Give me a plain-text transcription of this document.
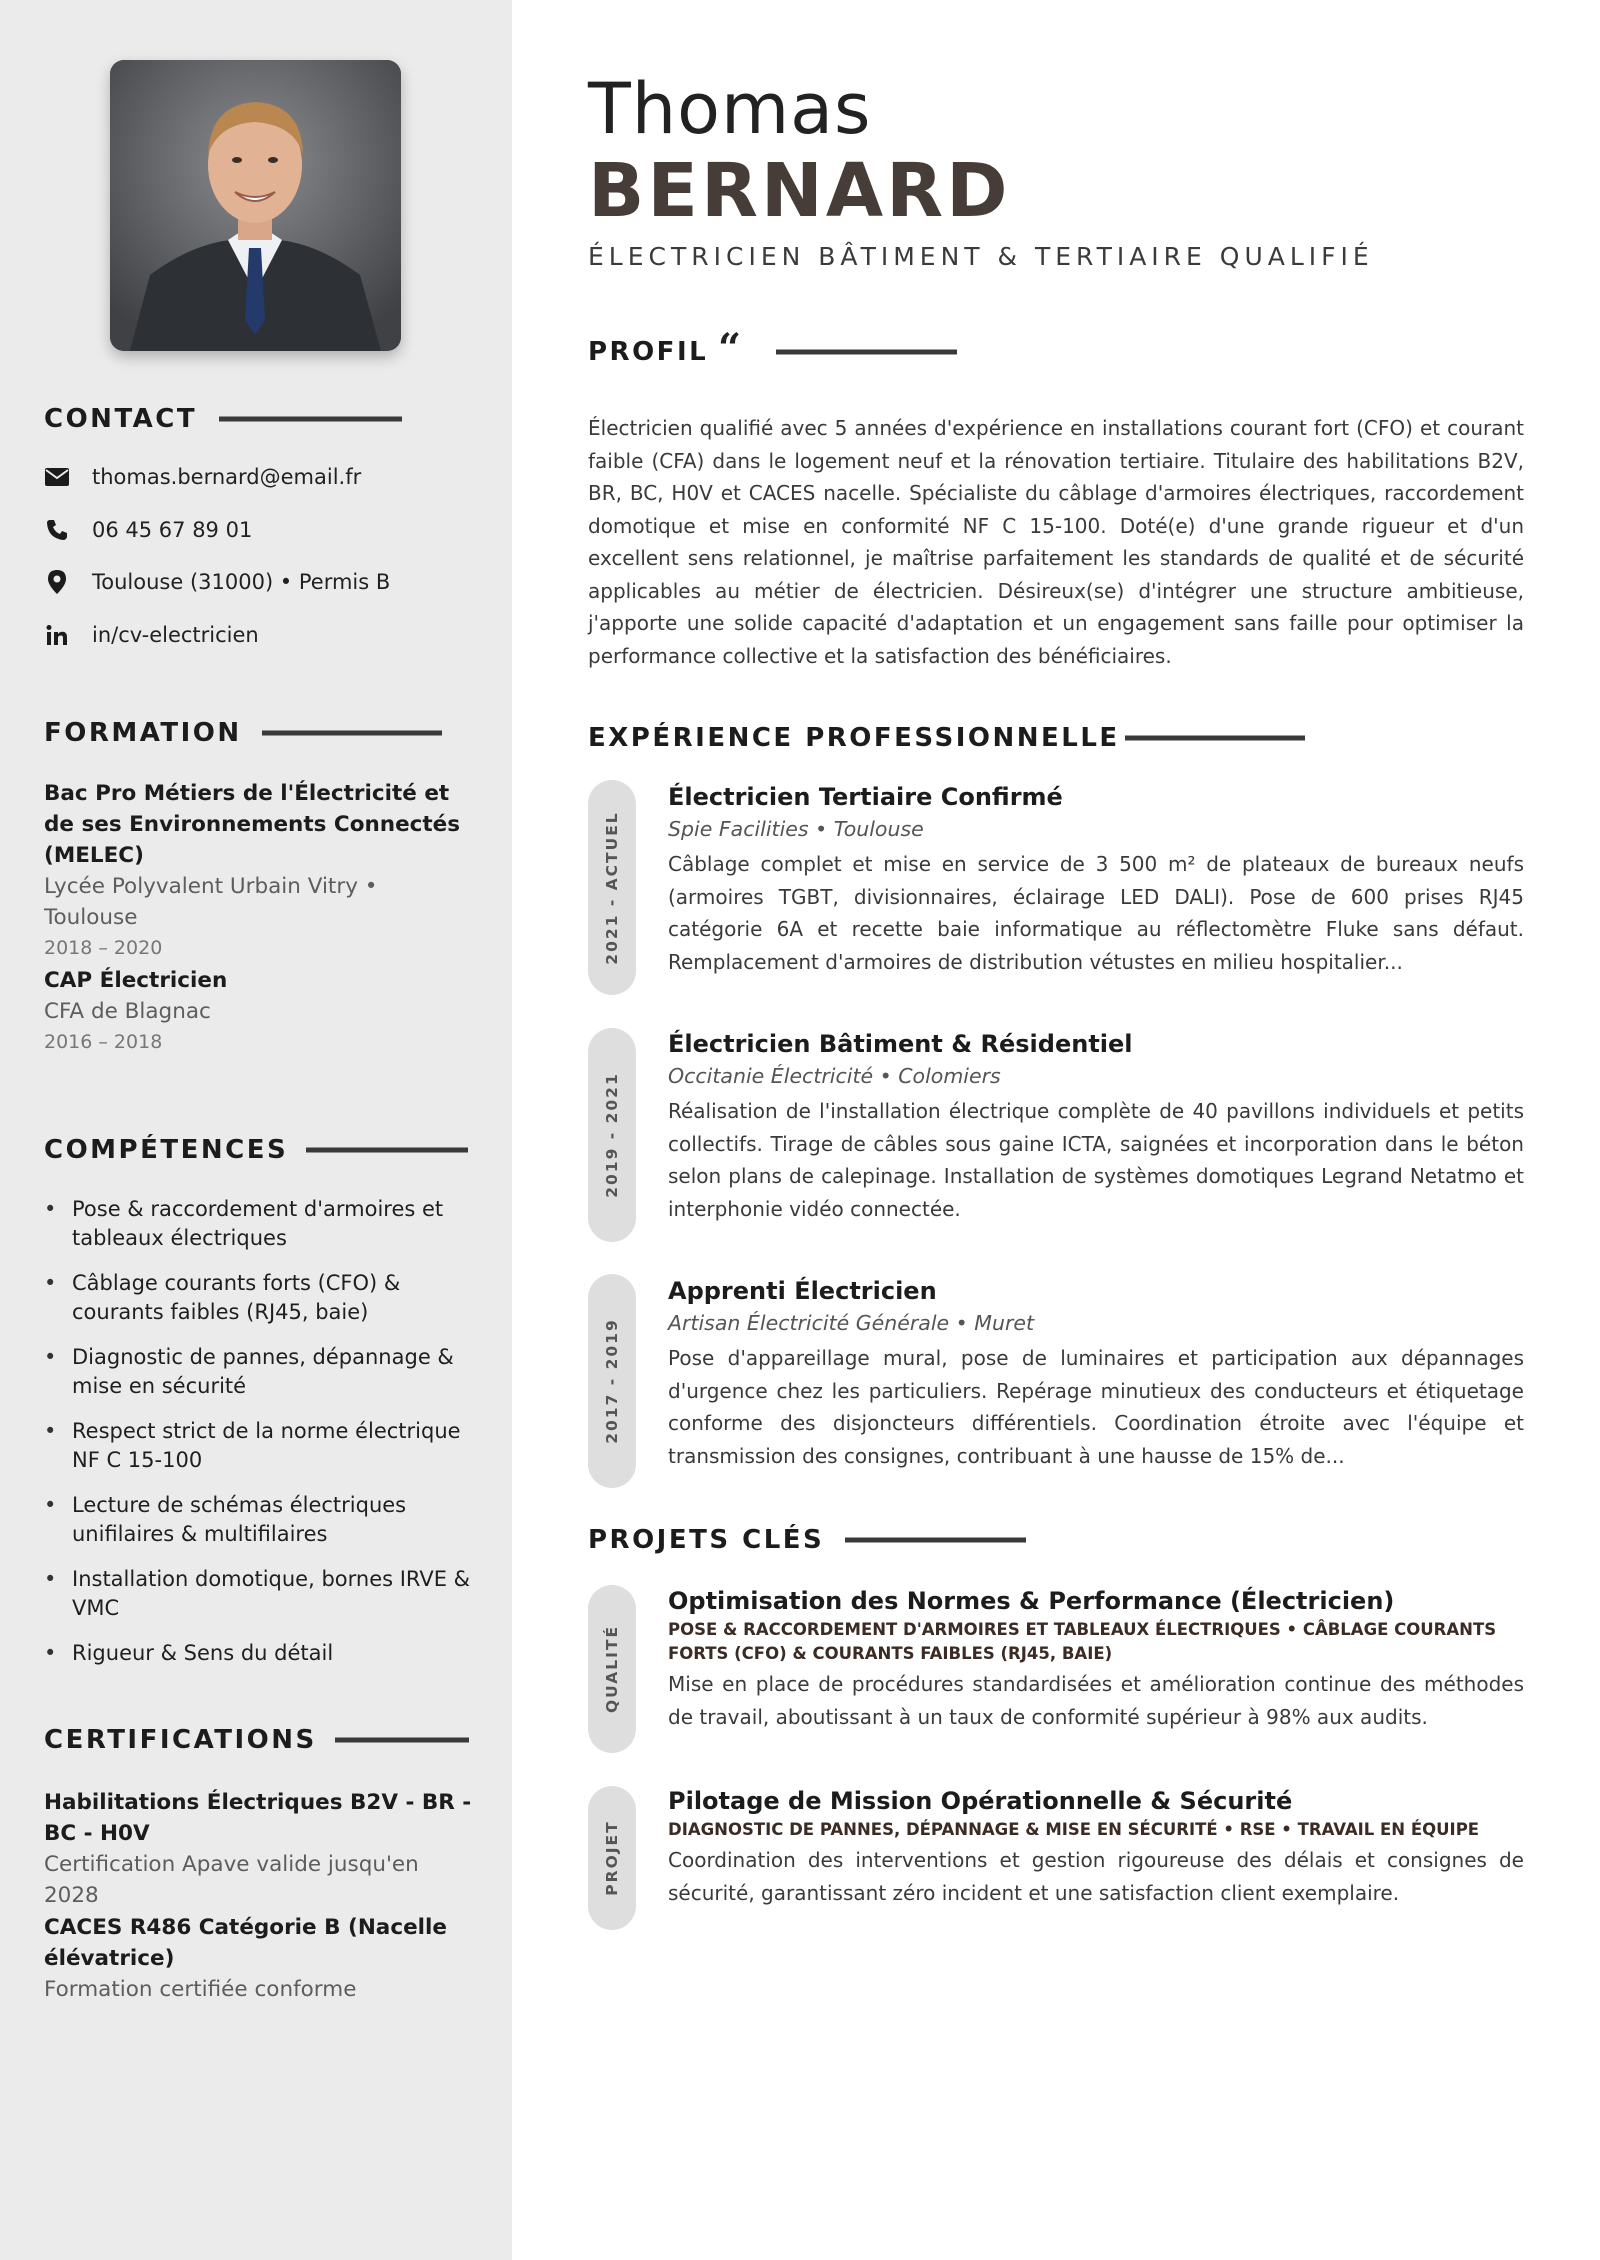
CONTACT
thomas.bernard@email.fr
06 45 67 89 01
Toulouse (31000) • Permis B
in/cv-electricien
FORMATION
Bac Pro Métiers de l'Électricité et de ses Environnements Connectés (MELEC)
Lycée Polyvalent Urbain Vitry • Toulouse
2018 – 2020
CAP Électricien
CFA de Blagnac
2016 – 2018
COMPÉTENCES
• Pose & raccordement d'armoires et tableaux électriques
• Câblage courants forts (CFO) & courants faibles (RJ45, baie)
• Diagnostic de pannes, dépannage & mise en sécurité
• Respect strict de la norme électrique NF C 15-100
• Lecture de schémas électriques unifilaires & multifilaires
• Installation domotique, bornes IRVE & VMC
• Rigueur & Sens du détail
CERTIFICATIONS
Habilitations Électriques B2V - BR - BC - H0V
Certification Apave valide jusqu'en 2028
CACES R486 Catégorie B (Nacelle élévatrice)
Formation certifiée conforme
Thomas
BERNARD
ÉLECTRICIEN BÂTIMENT & TERTIAIRE QUALIFIÉ
PROFIL “

Électricien qualifié avec 5 années d'expérience en installations courant fort (CFO) et courant faible (CFA) dans le logement neuf et la rénovation tertiaire. Titulaire des habilitations B2V, BR, BC, H0V et CACES nacelle. Spécialiste du câblage d'armoires électriques, raccordement domotique et mise en conformité NF C 15-100. Doté(e) d'une grande rigueur et d'un excellent sens relationnel, je maîtrise parfaitement les standards de qualité et de sécurité applicables au métier de électricien. Désireux(se) d'intégrer une structure ambitieuse, j'apporte une solide capacité d'adaptation et un engagement sans faille pour optimiser la performance collective et la satisfaction des bénéficiaires.

EXPÉRIENCE PROFESSIONNELLE
2021 - ACTUEL
Électricien Tertiaire Confirmé
Spie Facilities • Toulouse

Câblage complet et mise en service de 3 500 m² de plateaux de bureaux neufs (armoires TGBT, divisionnaires, éclairage LED DALI). Pose de 600 prises RJ45 catégorie 6A et recette baie informatique au réflectomètre Fluke sans défaut. Remplacement d'armoires de distribution vétustes en milieu hospitalier...

2019 - 2021
Électricien Bâtiment & Résidentiel
Occitanie Électricité • Colomiers

Réalisation de l'installation électrique complète de 40 pavillons individuels et petits collectifs. Tirage de câbles sous gaine ICTA, saignées et incorporation dans le béton selon plans de calepinage. Installation de systèmes domotiques Legrand Netatmo et interphonie vidéo connectée.

2017 - 2019
Apprenti Électricien
Artisan Électricité Générale • Muret

Pose d'appareillage mural, pose de luminaires et participation aux dépannages d'urgence chez les particuliers. Repérage minutieux des conducteurs et étiquetage conforme des disjoncteurs différentiels. Coordination étroite avec l'équipe et transmission des consignes, contribuant à une hausse de 15% de...

PROJETS CLÉS
QUALITÉ
Optimisation des Normes & Performance (Électricien)
POSE & RACCORDEMENT D'ARMOIRES ET TABLEAUX ÉLECTRIQUES • CÂBLAGE COURANTS FORTS (CFO) & COURANTS FAIBLES (RJ45, BAIE)

Mise en place de procédures standardisées et amélioration continue des méthodes de travail, aboutissant à un taux de conformité supérieur à 98% aux audits.

PROJET
Pilotage de Mission Opérationnelle & Sécurité
DIAGNOSTIC DE PANNES, DÉPANNAGE & MISE EN SÉCURITÉ • RSE • TRAVAIL EN ÉQUIPE

Coordination des interventions et gestion rigoureuse des délais et consignes de sécurité, garantissant zéro incident et une satisfaction client exemplaire.
